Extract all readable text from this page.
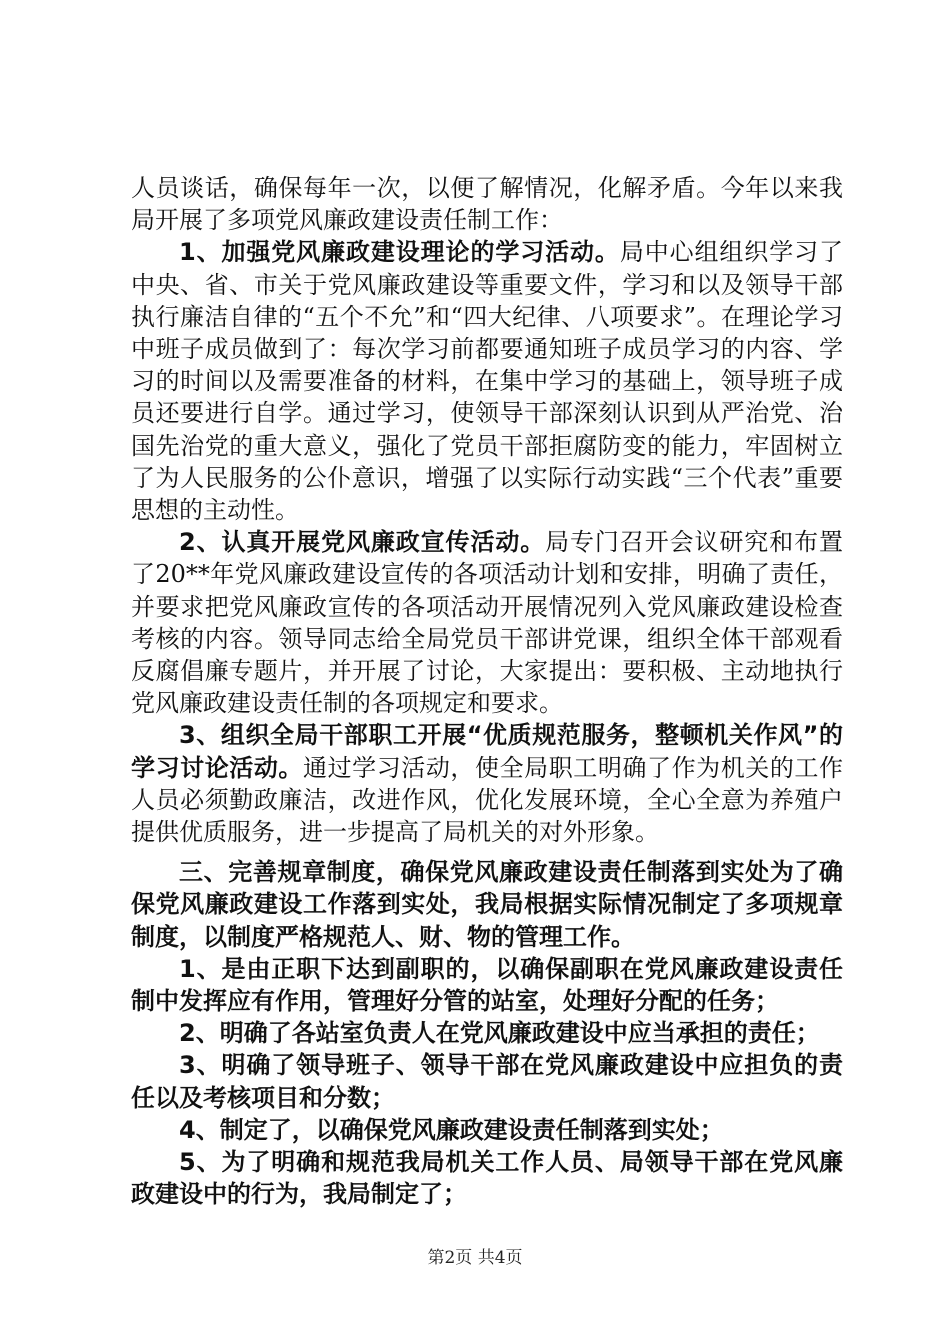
人员谈话，确保每年一次，以便了解情况，化解矛盾。今年以来我局开展了多项党风廉政建设责任制工作：

1、加强党风廉政建设理论的学习活动。局中心组组织学习了中央、省、市关于党风廉政建设等重要文件，学习和以及领导干部执行廉洁自律的“五个不允”和“四大纪律、八项要求”。在理论学习中班子成员做到了：每次学习前都要通知班子成员学习的内容、学习的时间以及需要准备的材料，在集中学习的基础上，领导班子成员还要进行自学。通过学习，使领导干部深刻认识到从严治党、治国先治党的重大意义，强化了党员干部拒腐防变的能力，牢固树立了为人民服务的公仆意识，增强了以实际行动实践“三个代表”重要思想的主动性。

2、认真开展党风廉政宣传活动。局专门召开会议研究和布置了20**年党风廉政建设宣传的各项活动计划和安排，明确了责任，并要求把党风廉政宣传的各项活动开展情况列入党风廉政建设检查考核的内容。领导同志给全局党员干部讲党课，组织全体干部观看反腐倡廉专题片，并开展了讨论，大家提出：要积极、主动地执行党风廉政建设责任制的各项规定和要求。

3、组织全局干部职工开展“优质规范服务，整顿机关作风”的学习讨论活动。通过学习活动，使全局职工明确了作为机关的工作人员必须勤政廉洁，改进作风，优化发展环境，全心全意为养殖户提供优质服务，进一步提高了局机关的对外形象。

三、完善规章制度，确保党风廉政建设责任制落到实处为了确保党风廉政建设工作落到实处，我局根据实际情况制定了多项规章制度，以制度严格规范人、财、物的管理工作。

1、是由正职下达到副职的，以确保副职在党风廉政建设责任制中发挥应有作用，管理好分管的站室，处理好分配的任务；

2、明确了各站室负责人在党风廉政建设中应当承担的责任；

3、明确了领导班子、领导干部在党风廉政建设中应担负的责任以及考核项目和分数；

4、制定了，以确保党风廉政建设责任制落到实处；

5、为了明确和规范我局机关工作人员、局领导干部在党风廉政建设中的行为，我局制定了；

第2页 共4页
